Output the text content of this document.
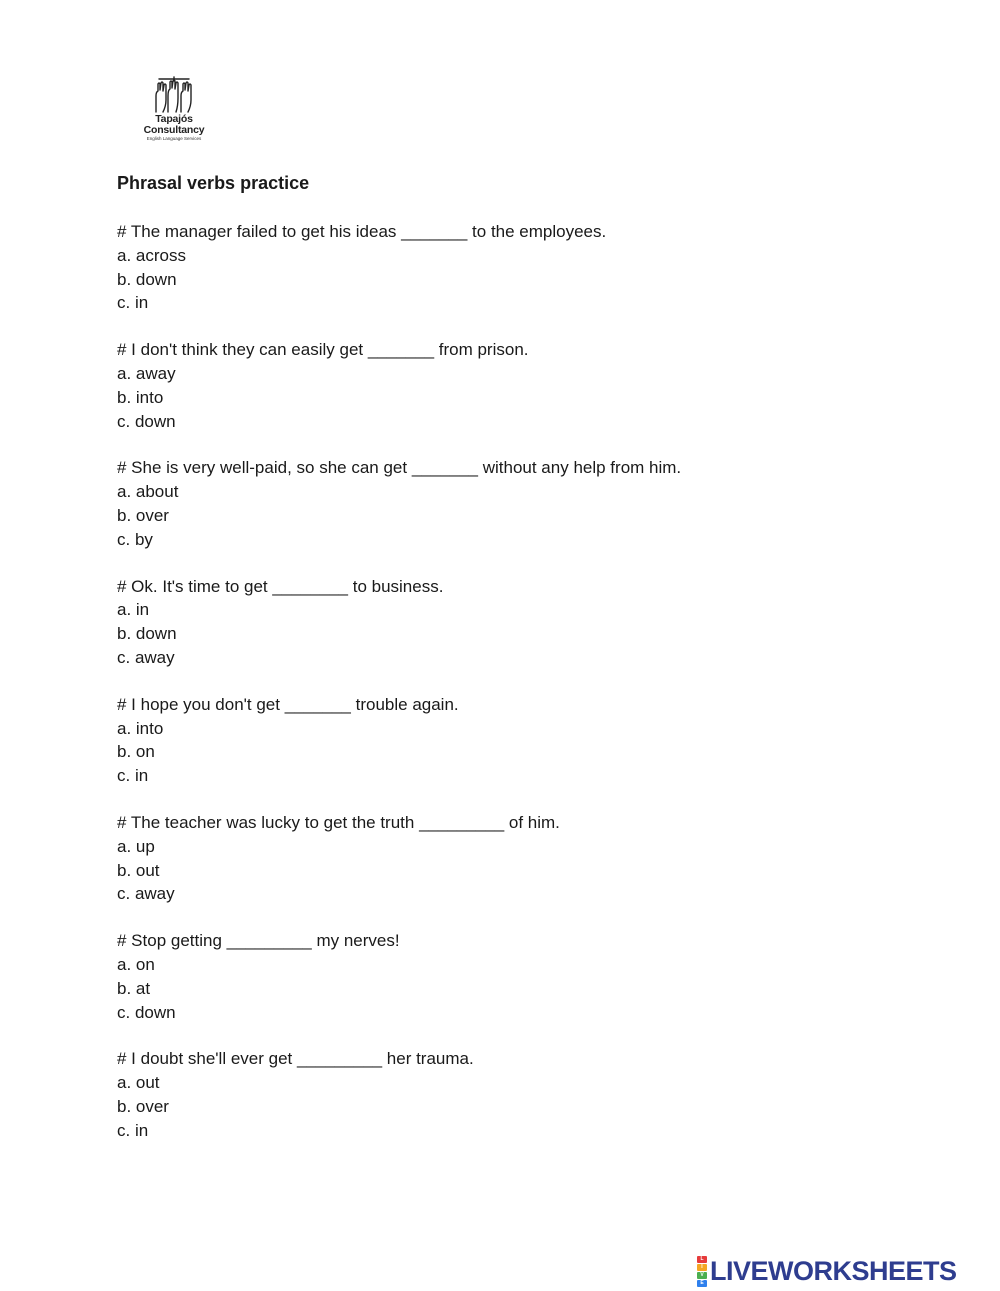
Tapajós
Consultancy
English Language Services
Phrasal verbs practice
# The manager failed to get his ideas _______ to the employees.
a. across
b. down
c. in
# I don't think they can easily get _______ from prison.
a. away
b. into
c. down
# She is very well-paid, so she can get _______ without any help from him.
a. about
b. over
c. by
# Ok. It's time to get ________ to business.
a. in
b. down
c. away
# I hope you don't get _______ trouble again.
a. into
b. on
c. in
# The teacher was lucky to get the truth _________ of him.
a. up
b. out
c. away
# Stop getting _________ my nerves!
a. on
b. at
c. down
# I doubt she'll ever get _________ her trauma.
a. out
b. over
c. in
L
I
V
E LIVEWORKSHEETS
